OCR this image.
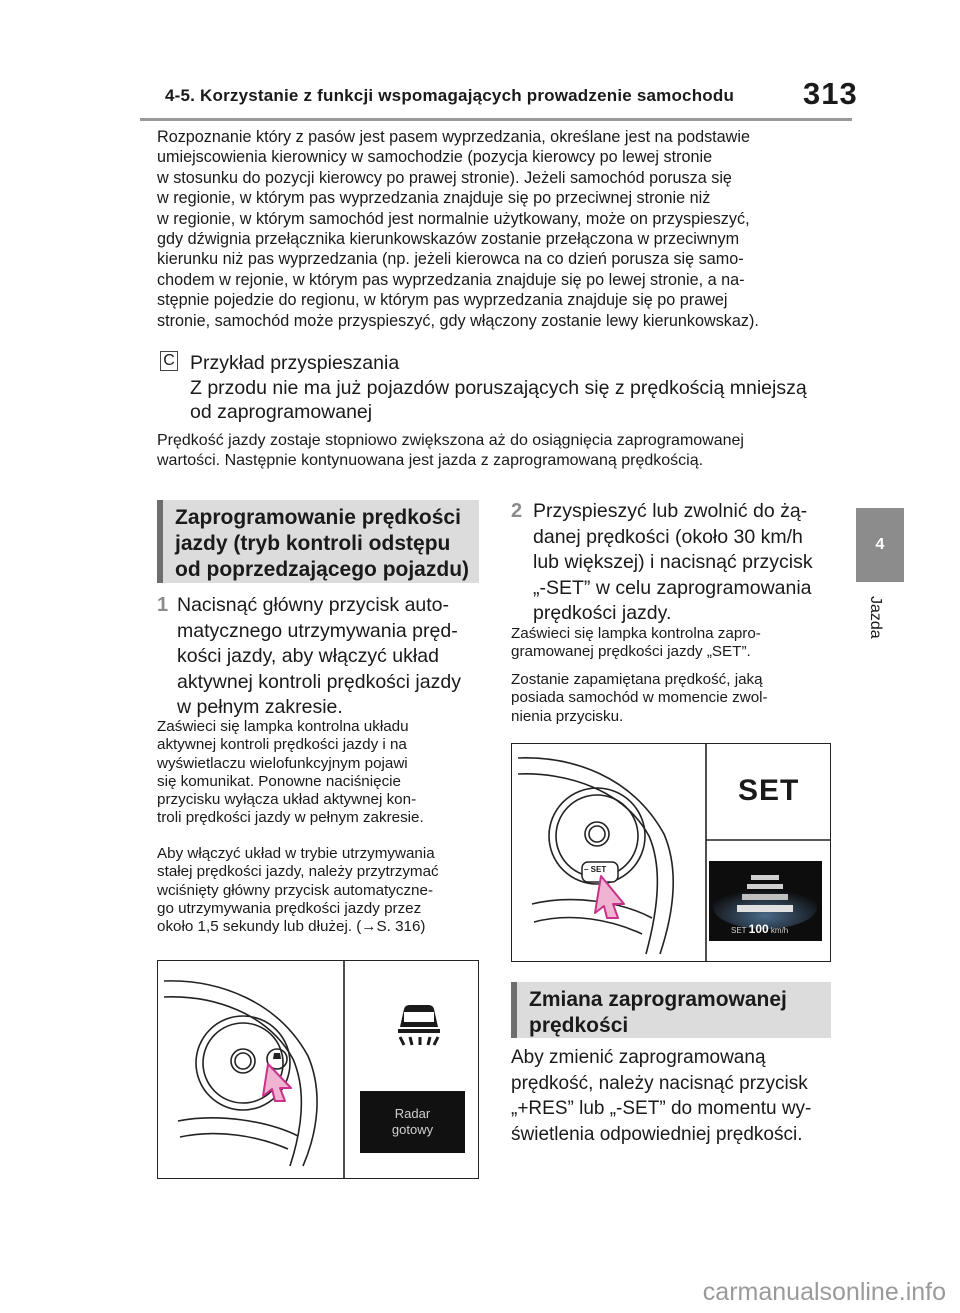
4-5. Korzystanie z funkcji wspomagających prowadzenie samochodu 313
4
Jazda

Rozpoznanie który z pasów jest pasem wyprzedzania, określane jest na podstawie

umiejscowienia kierownicy w samochodzie (pozycja kierowcy po lewej stronie

w stosunku do pozycji kierowcy po prawej stronie). Jeżeli samochód porusza się

w regionie, w którym pas wyprzedzania znajduje się po przeciwnej stronie niż

w regionie, w którym samochód jest normalnie użytkowany, może on przyspieszyć,

gdy dźwignia przełącznika kierunkowskazów zostanie przełączona w przeciwnym

kierunku niż pas wyprzedzania (np. jeżeli kierowca na co dzień porusza się samo-

chodem w rejonie, w którym pas wyprzedzania znajduje się po lewej stronie, a na-

stępnie pojedzie do regionu, w którym pas wyprzedzania znajduje się po prawej

stronie, samochód może przyspieszyć, gdy włączony zostanie lewy kierunkowskaz).

C Przykład przyspieszania

Z przodu nie ma już pojazdów poruszających się z prędkością mniejszą

od zaprogramowanej

Prędkość jazdy zostaje stopniowo zwiększona aż do osiągnięcia zaprogramowanej

wartości. Następnie kontynuowana jest jazda z zaprogramowaną prędkością.

Zaprogramowanie prędkości

jazdy (tryb kontroli odstępu

od poprzedzającego pojazdu)

1 Nacisnąć główny przycisk auto-

matycznego utrzymywania pręd-

kości jazdy, aby włączyć układ

aktywnej kontroli prędkości jazdy

w pełnym zakresie.

Zaświeci się lampka kontrolna układu

aktywnej kontroli prędkości jazdy i na

wyświetlaczu wielofunkcyjnym pojawi

się komunikat. Ponowne naciśnięcie

przycisku wyłącza układ aktywnej kon-

troli prędkości jazdy w pełnym zakresie.

Aby włączyć układ w trybie utrzymywania

stałej prędkości jazdy, należy przytrzymać

wciśnięty główny przycisk automatyczne-

go utrzymywania prędkości jazdy przez

około 1,5 sekundy lub dłużej. (→S. 316)

Radar
gotowy
2 Przyspieszyć lub zwolnić do żą-

danej prędkości (około 30 km/h

lub większej) i nacisnąć przycisk

„-SET” w celu zaprogramowania

prędkości jazdy.

Zaświeci się lampka kontrolna zapro-

gramowanej prędkości jazdy „SET”.

Zostanie zapamiętana prędkość, jaką

posiada samochód w momencie zwol-

nienia przycisku.

– SET
SET
SET 100 km/h

Zmiana zaprogramowanej

prędkości

Aby zmienić zaprogramowaną

prędkość, należy nacisnąć przycisk

„+RES” lub „-SET” do momentu wy-

świetlenia odpowiedniej prędkości.

carmanualsonline.info
